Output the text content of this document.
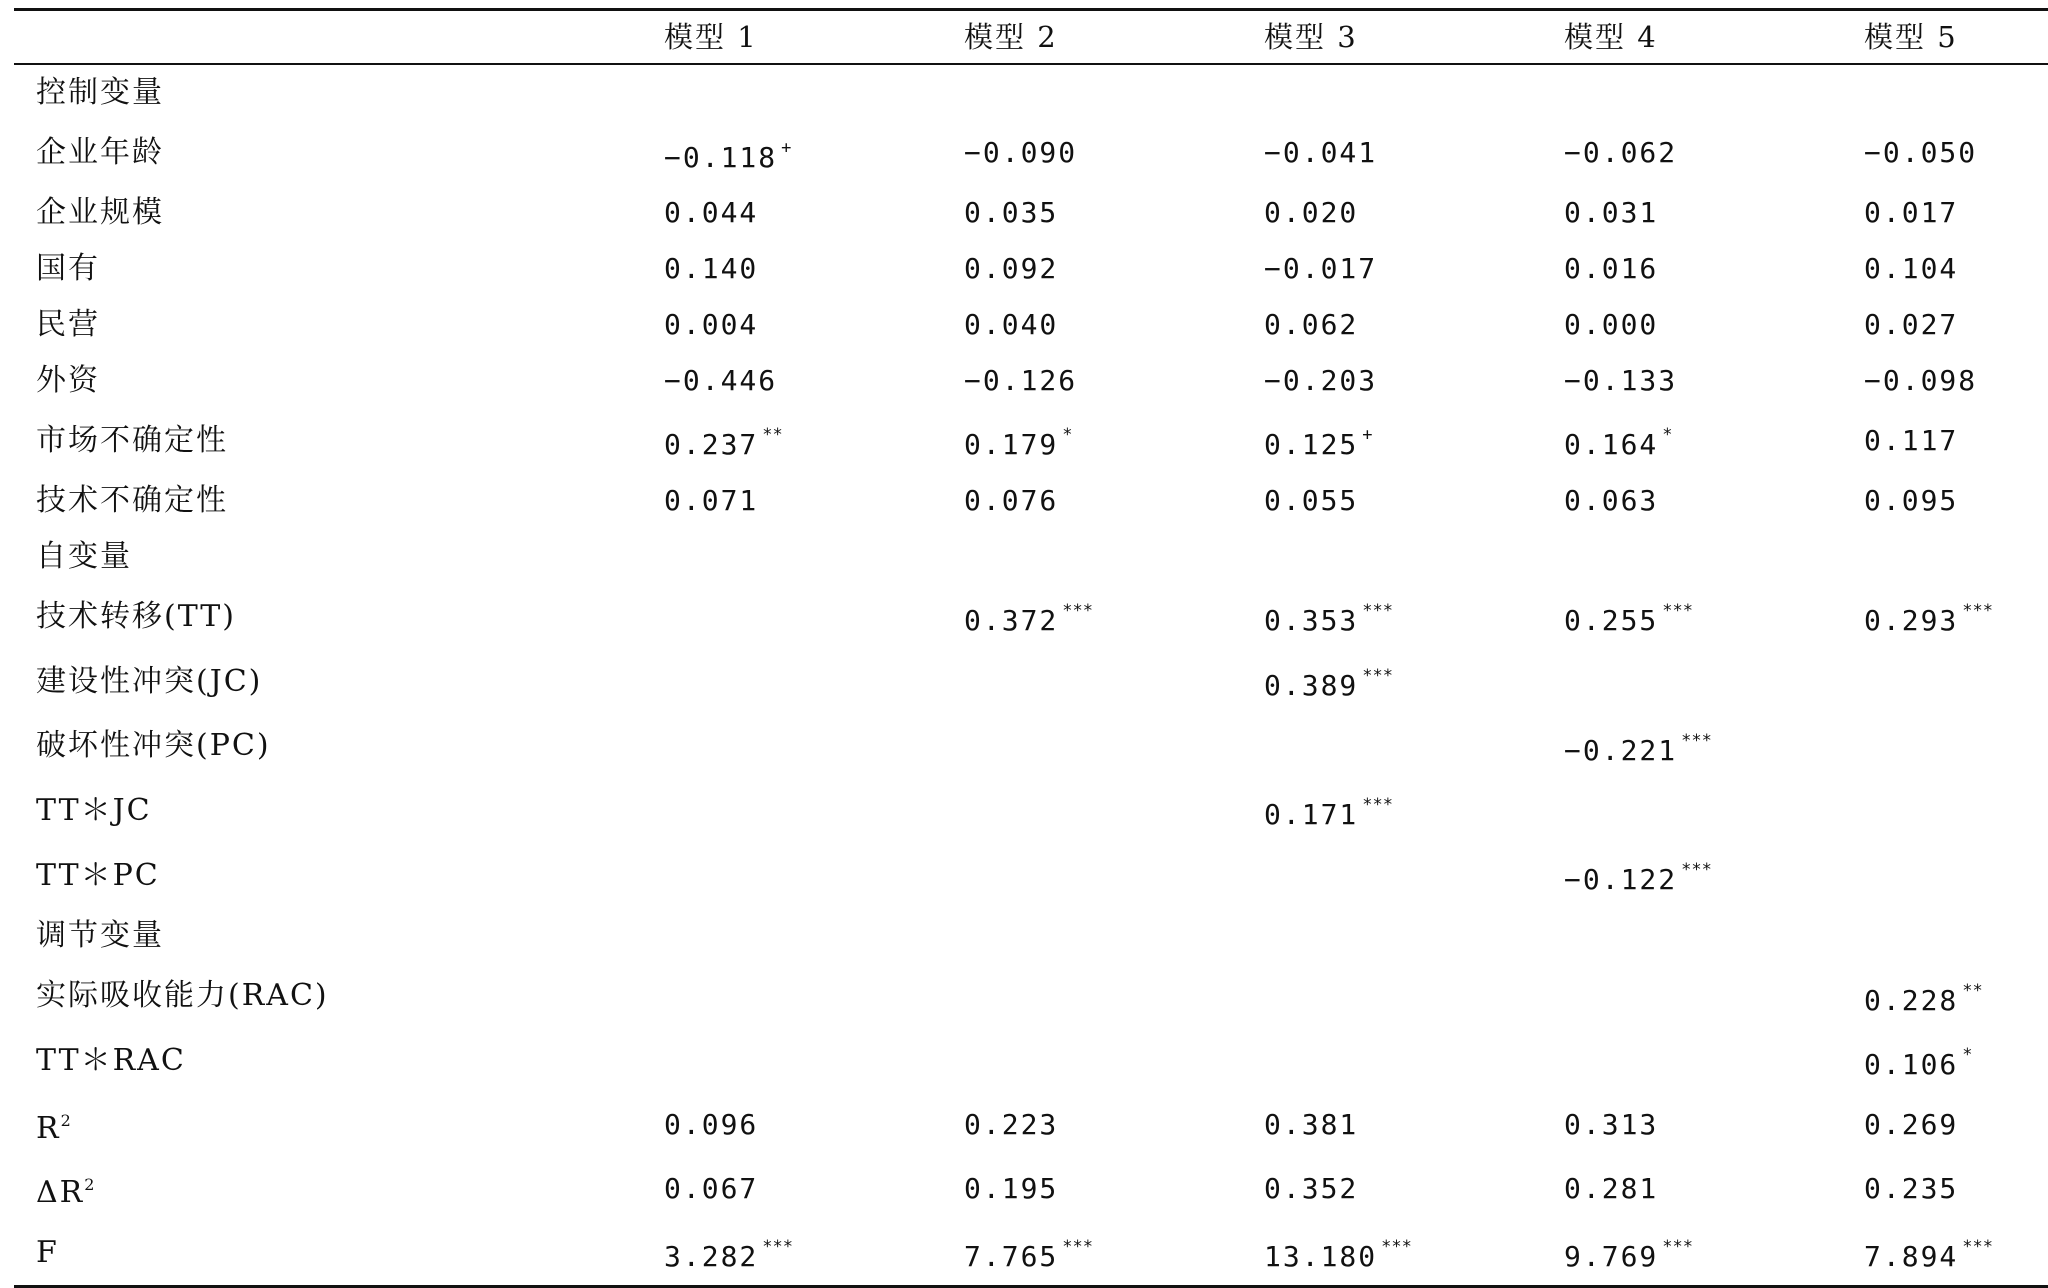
	模型 1	模型 2	模型 3	模型 4	模型 5
控制变量					
企业年龄	−0.118 +	−0.090	−0.041	−0.062	−0.050
企业规模	0.044	0.035	0.020	0.031	0.017
国有	0.140	0.092	−0.017	0.016	0.104
民营	0.004	0.040	0.062	0.000	0.027
外资	−0.446	−0.126	−0.203	−0.133	−0.098
市场不确定性	0.237 **	0.179 *	0.125 +	0.164 *	0.117
技术不确定性	0.071	0.076	0.055	0.063	0.095
自变量					
技术转移(TT)		0.372 ***	0.353 ***	0.255 ***	0.293 ***
建设性冲突(JC)			0.389 ***		
破坏性冲突(PC)				−0.221 ***	
TT＊JC			0.171 ***		
TT＊PC				−0.122 ***	
调节变量					
实际吸收能力(RAC)					0.228 **
TT＊RAC					0.106 *
$R^2$	0.096	0.223	0.381	0.313	0.269
$\Delta R^2$	0.067	0.195	0.352	0.281	0.235
F	3.282 ***	7.765 ***	13.180 ***	9.769 ***	7.894 ***
